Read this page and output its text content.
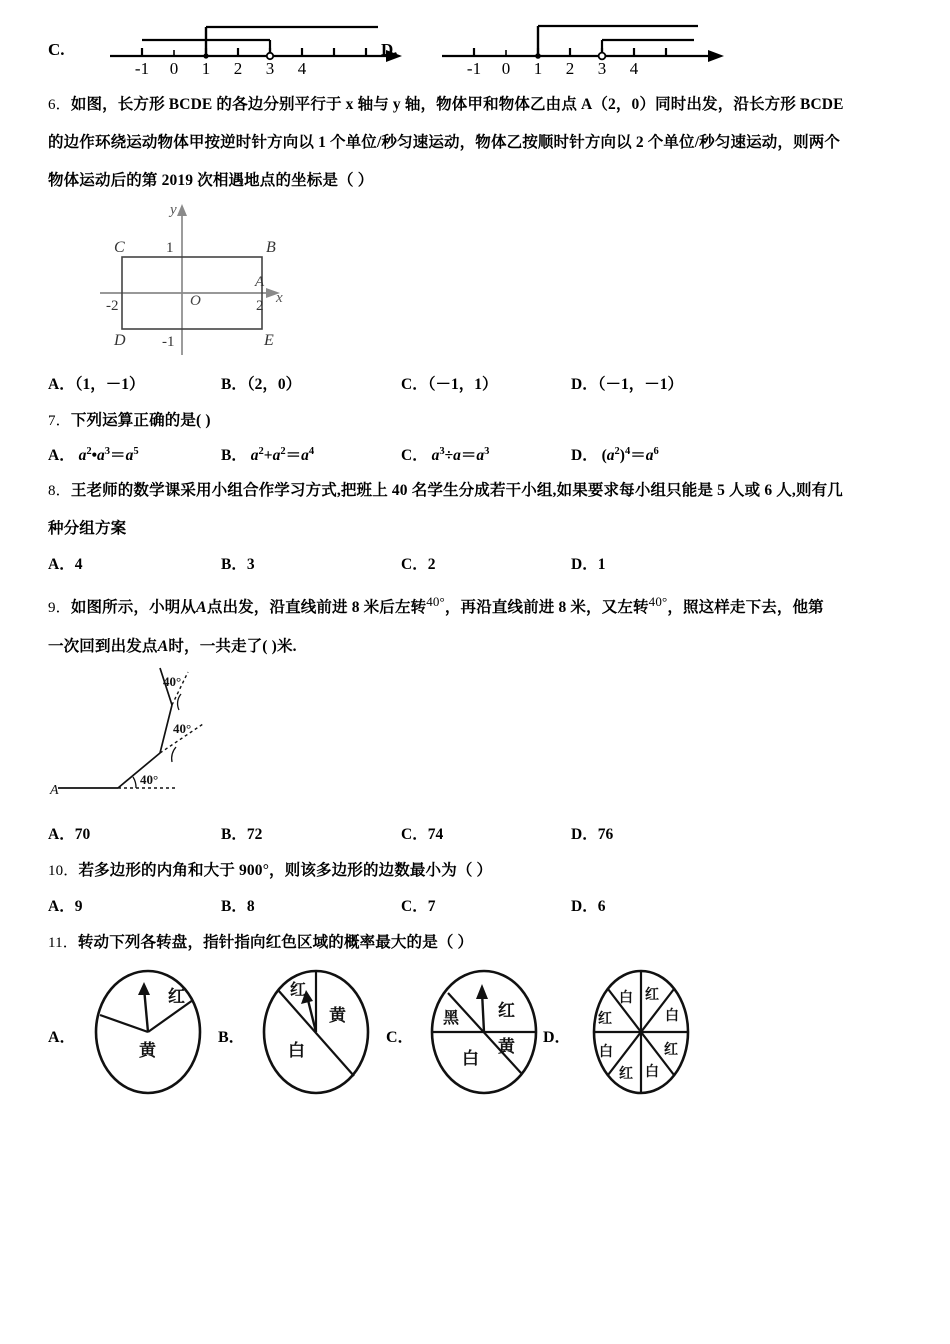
C.
-1 0 1 2 3 4
D.
-1 0 1 2 3 4
6．如图，长方形 BCDE 的各边分别平行于 x 轴与 y 轴，物体甲和物体乙由点 A（2，0）同时出发，沿长方形 BCDE
的边作环绕运动物体甲按逆时针方向以 1 个单位/秒匀速运动，物体乙按顺时针方向以 2 个单位/秒匀速运动，则两个
物体运动后的第 2019 次相遇地点的坐标是（ ）
C	B
D	E
A
x
y
O
1
-1
-2	2
A．（1，－1）	B．（2，0）	C．（－1，1）	D．（－1，－1）
7．下列运算正确的是( )
A． $a^2•a^3=a^5$	B． $a^2+a^2=a^4$	C． $a^3\div a=a^3$	D． $(a^2)^4=a^6$
8．王老师的数学课采用小组合作学习方式,把班上 40 名学生分成若干小组,如果要求每小组只能是 5 人或 6 人,则有几
种分组方案
A．4	B．3	C．2	D．1
9．如图所示，小明从A点出发，沿直线前进 8 米后左转$^{40^\circ}$，再沿直线前进 8 米，又左转$^{40^\circ}$，照这样走下去，他第
一次回到出发点A时，一共走了( )米.
A
40°
40°
40°
A．70	B．72	C．74	D．76
10．若多边形的内角和大于 900°，则该多边形的边数最小为（ ）
A．9	B．8	C．7	D．6
11．转动下列各转盘，指针指向红色区域的概率最大的是（ ）
A．
红
黄
B．
红
黄
白
C．
黑 红
黄
白
D．
白 红
红	白
白	红
红 白
